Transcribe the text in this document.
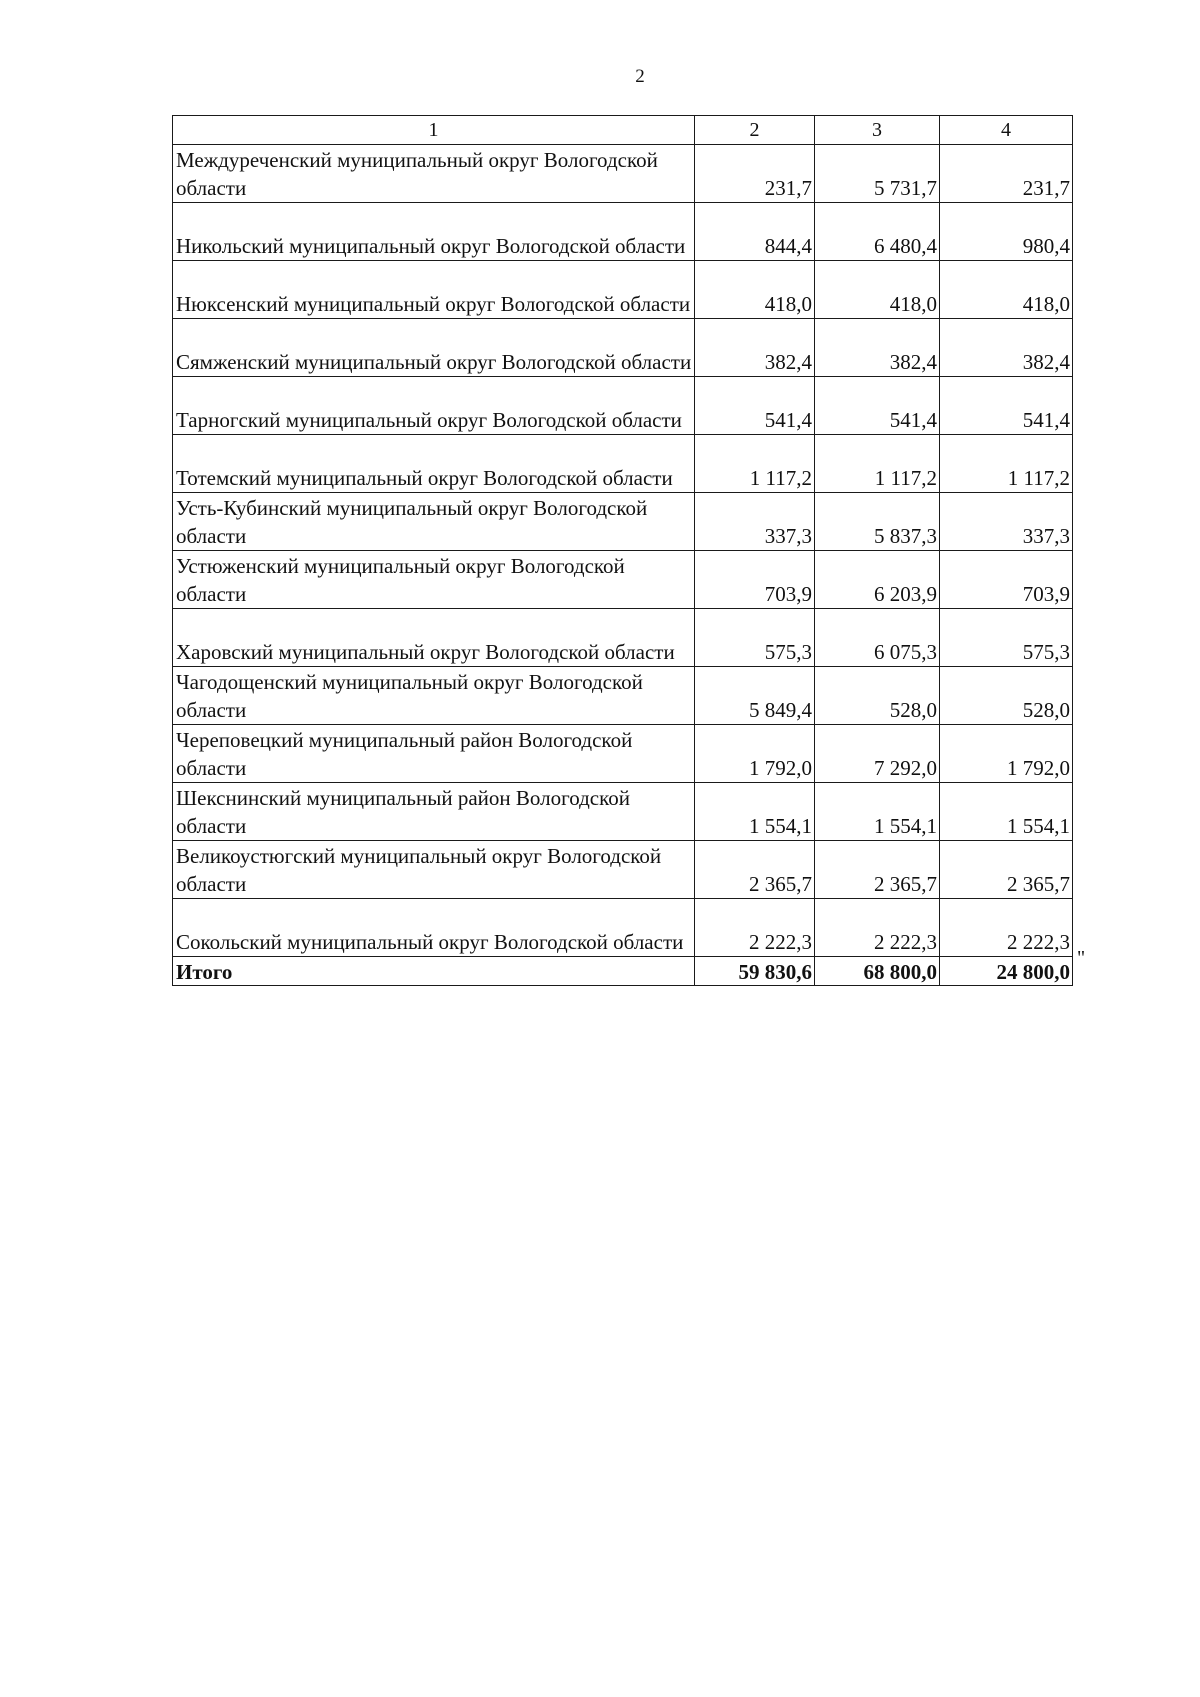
2
1	2	3	4
Междуреченский муниципальный округ Вологодской области	231,7	5 731,7	231,7
Никольский муниципальный округ Вологодской области	844,4	6 480,4	980,4
Нюксенский муниципальный округ Вологодской области	418,0	418,0	418,0
Сямженский муниципальный округ Вологодской области	382,4	382,4	382,4
Тарногский муниципальный округ Вологодской области	541,4	541,4	541,4
Тотемский муниципальный округ Вологодской области	1 117,2	1 117,2	1 117,2
Усть-Кубинский муниципальный округ Вологодской области	337,3	5 837,3	337,3
Устюженский муниципальный округ Вологодской области	703,9	6 203,9	703,9
Харовский муниципальный округ Вологодской области	575,3	6 075,3	575,3
Чагодощенский муниципальный округ Вологодской области	5 849,4	528,0	528,0
Череповецкий муниципальный район Вологодской области	1 792,0	7 292,0	1 792,0
Шекснинский муниципальный район Вологодской области	1 554,1	1 554,1	1 554,1
Великоустюгский муниципальный округ Вологодской области	2 365,7	2 365,7	2 365,7
Сокольский муниципальный округ Вологодской области	2 222,3	2 222,3	2 222,3
Итого	59 830,6	68 800,0	24 800,0
"
